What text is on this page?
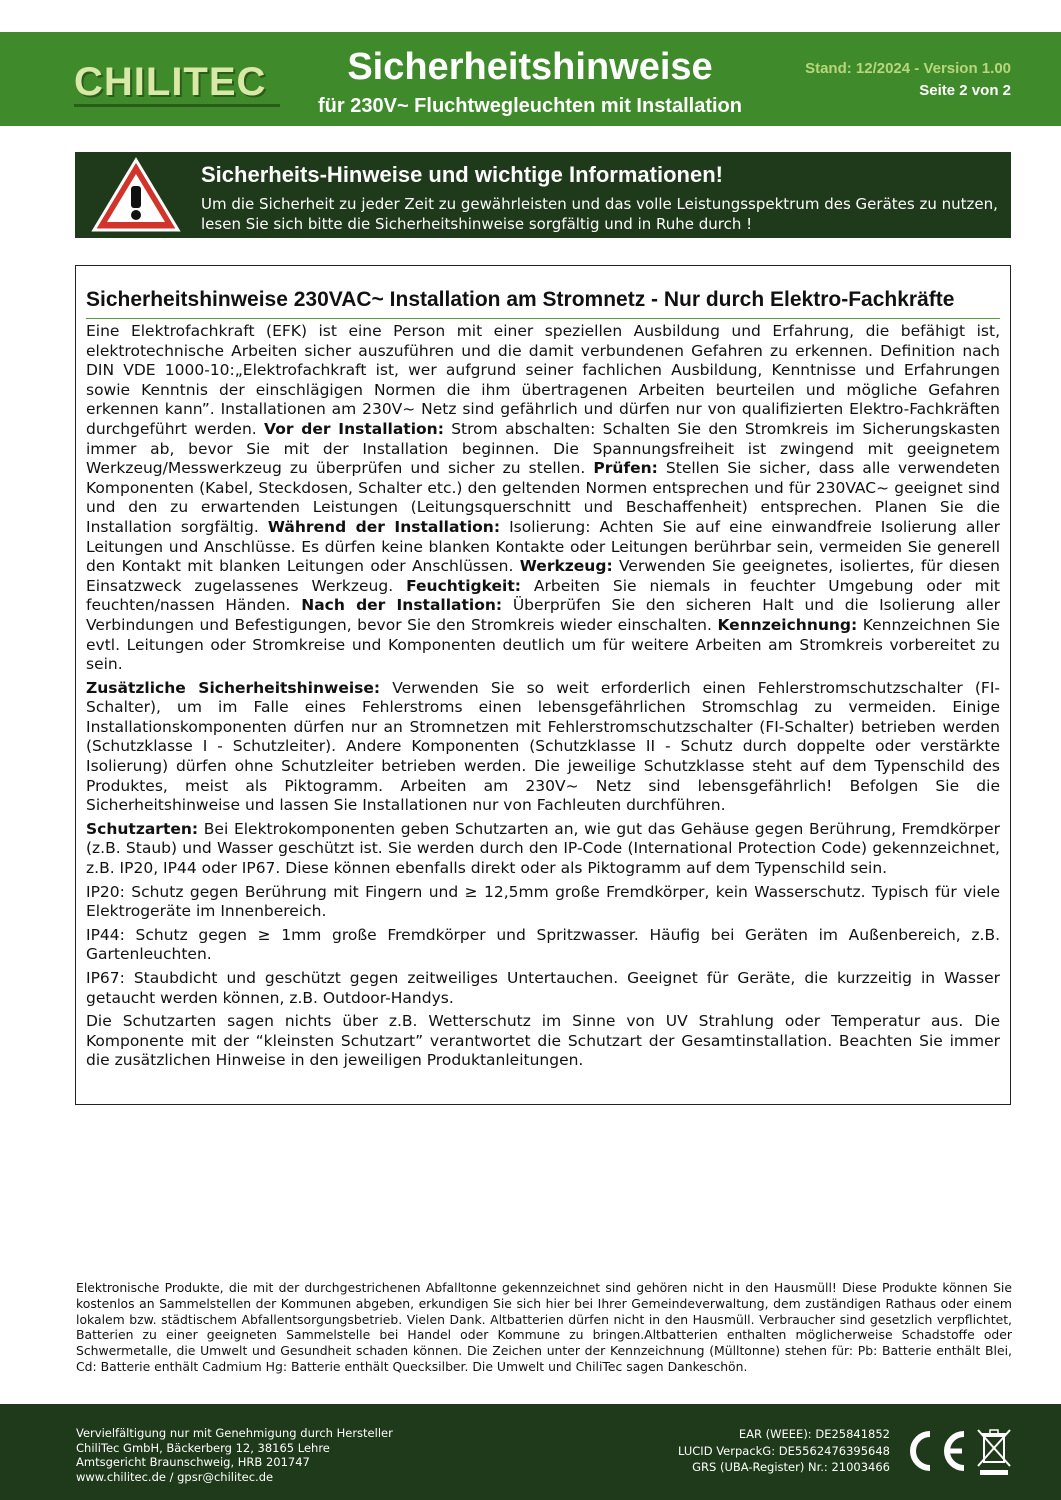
CHILITEC	Sicherheitshinweise
für 230V~ Fluchtwegleuchten mit Installation
Stand: 12/2024 - Version 1.00
Seite 2 von 2
Sicherheits-Hinweise und wichtige Informationen!
Um die Sicherheit zu jeder Zeit zu gewährleisten und das volle Leistungsspektrum des Gerätes zu nutzen, lesen Sie sich bitte die Sicherheitshinweise sorgfältig und in Ruhe durch !
Sicherheitshinweise 230VAC~ Installation am Stromnetz - Nur durch Elektro-Fachkräfte

Eine Elektrofachkraft (EFK) ist eine Person mit einer speziellen Ausbildung und Erfahrung, die befähigt ist, elektrotechnische Arbeiten sicher auszuführen und die damit verbundenen Gefahren zu erkennen. Definition nach DIN VDE 1000-10:„Elektrofachkraft ist, wer aufgrund seiner fachlichen Ausbildung, Kenntnisse und Erfahrungen sowie Kenntnis der einschlägigen Normen die ihm übertragenen Arbeiten beurteilen und mögliche Gefahren erkennen kann”. Installationen am 230V~ Netz sind gefährlich und dürfen nur von qualifizierten Elektro-Fachkräften durchgeführt werden. Vor der Installation: Strom abschalten: Schalten Sie den Stromkreis im Sicherungskasten immer ab, bevor Sie mit der Installation beginnen. Die Spannungsfreiheit ist zwingend mit geeignetem Werkzeug/Messwerkzeug zu überprüfen und sicher zu stellen. Prüfen: Stellen Sie sicher, dass alle verwendeten Komponenten (Kabel, Steckdosen, Schalter etc.) den geltenden Normen entsprechen und für 230VAC~ geeignet sind und den zu erwartenden Leistungen (Leitungsquerschnitt und Beschaffenheit) entsprechen. Planen Sie die Installation sorgfältig. Während der Installation: Isolierung: Achten Sie auf eine einwandfreie Isolierung aller Leitungen und Anschlüsse. Es dürfen keine blanken Kontakte oder Leitungen berührbar sein, vermeiden Sie generell den Kontakt mit blanken Leitungen oder Anschlüssen. Werkzeug: Verwenden Sie geeignetes, isoliertes, für diesen Einsatzweck zugelassenes Werkzeug. Feuchtigkeit: Arbeiten Sie niemals in feuchter Umgebung oder mit feuchten/nassen Händen. Nach der Installation: Überprüfen Sie den sicheren Halt und die Isolierung aller Verbindungen und Befestigungen, bevor Sie den Stromkreis wieder einschalten. Kennzeichnung: Kennzeichnen Sie evtl. Leitungen oder Stromkreise und Komponenten deutlich um für weitere Arbeiten am Stromkreis vorbereitet zu sein.

Zusätzliche Sicherheitshinweise: Verwenden Sie so weit erforderlich einen Fehlerstromschutzschalter (FI-Schalter), um im Falle eines Fehlerstroms einen lebensgefährlichen Stromschlag zu vermeiden. Einige Installationskomponenten dürfen nur an Stromnetzen mit Fehlerstromschutzschalter (FI-Schalter) betrieben werden (Schutzklasse I - Schutzleiter). Andere Komponenten (Schutzklasse II - Schutz durch doppelte oder verstärkte Isolierung) dürfen ohne Schutzleiter betrieben werden. Die jeweilige Schutzklasse steht auf dem Typenschild des Produktes, meist als Piktogramm. Arbeiten am 230V~ Netz sind lebensgefährlich! Befolgen Sie die Sicherheitshinweise und lassen Sie Installationen nur von Fachleuten durchführen.

Schutzarten: Bei Elektrokomponenten geben Schutzarten an, wie gut das Gehäuse gegen Berührung, Fremdkörper (z.B. Staub) und Wasser geschützt ist. Sie werden durch den IP-Code (International Protection Code) gekennzeichnet, z.B. IP20, IP44 oder IP67. Diese können ebenfalls direkt oder als Piktogramm auf dem Typenschild sein.

IP20: Schutz gegen Berührung mit Fingern und ≥ 12,5mm große Fremdkörper, kein Wasserschutz. Typisch für viele Elektrogeräte im Innenbereich.

IP44: Schutz gegen ≥ 1mm große Fremdkörper und Spritzwasser. Häufig bei Geräten im Außenbereich, z.B. Gartenleuchten.

IP67: Staubdicht und geschützt gegen zeitweiliges Untertauchen. Geeignet für Geräte, die kurzzeitig in Wasser getaucht werden können, z.B. Outdoor-Handys.

Die Schutzarten sagen nichts über z.B. Wetterschutz im Sinne von UV Strahlung oder Temperatur aus. Die Komponente mit der “kleinsten Schutzart” verantwortet die Schutzart der Gesamtinstallation. Beachten Sie immer die zusätzlichen Hinweise in den jeweiligen Produktanleitungen.

Elektronische Produkte, die mit der durchgestrichenen Abfalltonne gekennzeichnet sind gehören nicht in den Hausmüll! Diese Produkte können Sie kostenlos an Sammelstellen der Kommunen abgeben, erkundigen Sie sich hier bei Ihrer Gemeindeverwaltung, dem zuständigen Rathaus oder einem lokalem bzw. städtischem Abfallentsorgungsbetrieb. Vielen Dank. Altbatterien dürfen nicht in den Hausmüll. Verbraucher sind gesetzlich verpflichtet, Batterien zu einer geeigneten Sammelstelle bei Handel oder Kommune zu bringen.Altbatterien enthalten möglicherweise Schadstoffe oder Schwermetalle, die Umwelt und Gesundheit schaden können. Die Zeichen unter der Kennzeichnung (Mülltonne) stehen für: Pb: Batterie enthält Blei, Cd: Batterie enthält Cadmium Hg: Batterie enthält Quecksilber. Die Umwelt und ChiliTec sagen Dankeschön.
Vervielfältigung nur mit Genehmigung durch Hersteller
ChiliTec GmbH, Bäckerberg 12, 38165 Lehre
Amtsgericht Braunschweig, HRB 201747
www.chilitec.de / gpsr@chilitec.de
EAR (WEEE): DE25841852
LUCID VerpackG: DE5562476395648
GRS (UBA-Register) Nr.: 21003466
